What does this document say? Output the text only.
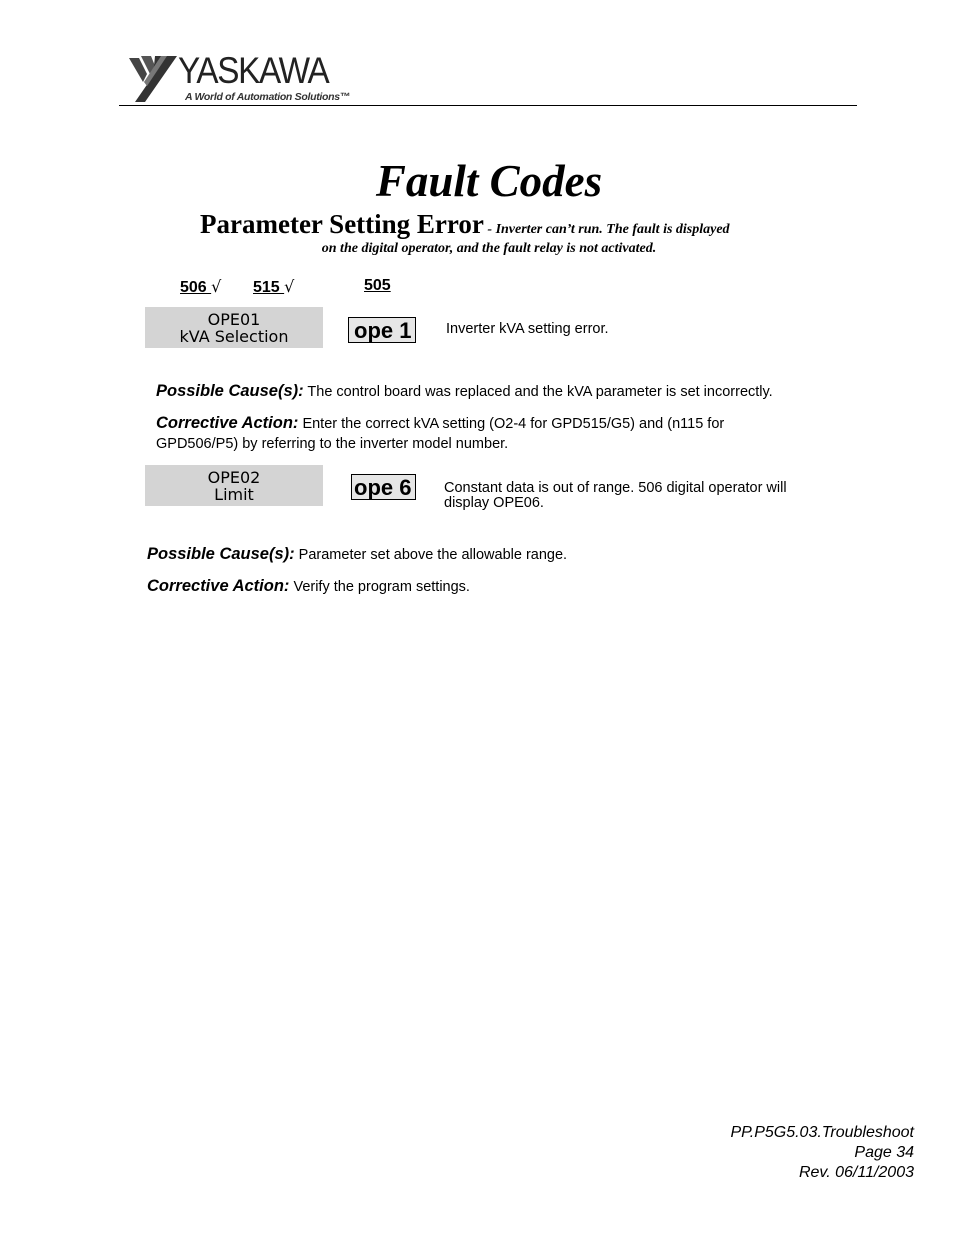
YASKAWA
A World of Automation Solutions™
Fault Codes
Parameter Setting Error - Inverter can’t run. The fault is displayed
on the digital operator, and the fault relay is not activated.
506 √ 515 √	505
OPE01
kVA Selection	ope 1	Inverter kVA setting error.
Possible Cause(s): The control board was replaced and the kVA parameter is set incorrectly.
Corrective Action: Enter the correct kVA setting (O2-4 for GPD515/G5) and (n115 for
GPD506/P5) by referring to the inverter model number.
OPE02
Limit	ope 6	Constant data is out of range. 506 digital operator will
display OPE06.
Possible Cause(s): Parameter set above the allowable range.
Corrective Action: Verify the program settings.
PP.P5G5.03.Troubleshoot
Page 34
Rev. 06/11/2003
